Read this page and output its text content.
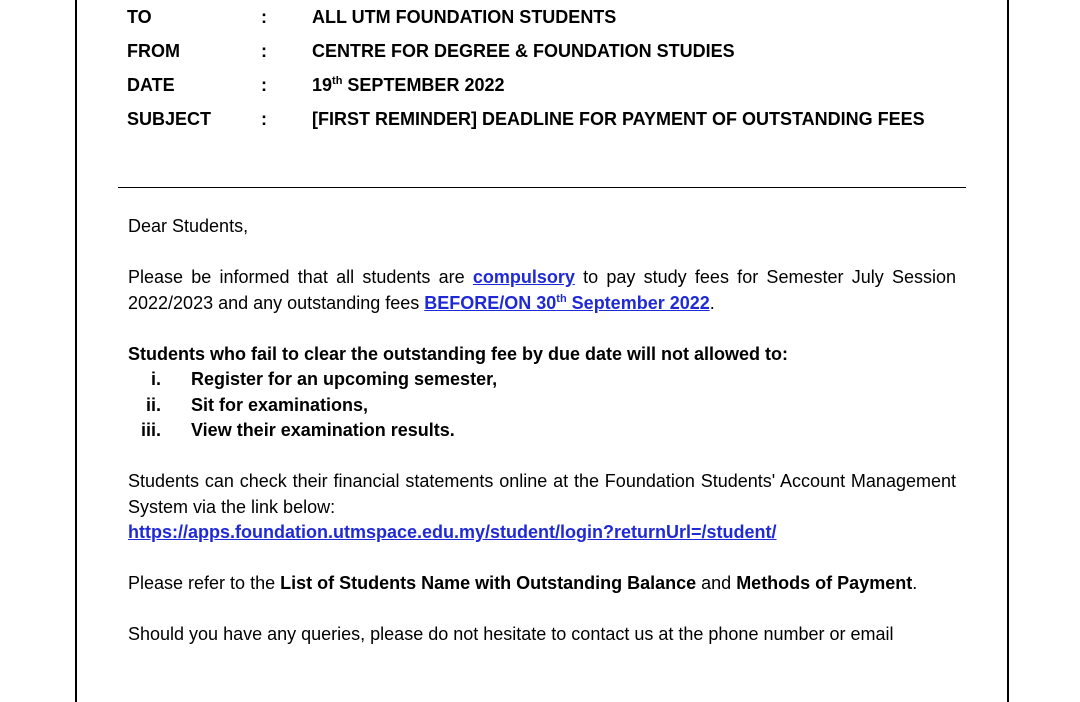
TO	:	ALL UTM FOUNDATION STUDENTS
FROM	:	CENTRE FOR DEGREE & FOUNDATION STUDIES
DATE	:	19th SEPTEMBER 2022
SUBJECT	:	[FIRST REMINDER] DEADLINE FOR PAYMENT OF OUTSTANDING FEES

Dear Students,

Please be informed that all students are compulsory to pay study fees for Semester July Session 2022/2023 and any outstanding fees BEFORE/ON 30th September 2022.

Students who fail to clear the outstanding fee by due date will not allowed to:

i. Register for an upcoming semester,
ii. Sit for examinations,
iii. View their examination results.

Students can check their financial statements online at the Foundation Students' Account Management System via the link below:

https://apps.foundation.utmspace.edu.my/student/login?returnUrl=/student/

Please refer to the List of Students Name with Outstanding Balance and Methods of Payment.

Should you have any queries, please do not hesitate to contact us at the phone number or email
